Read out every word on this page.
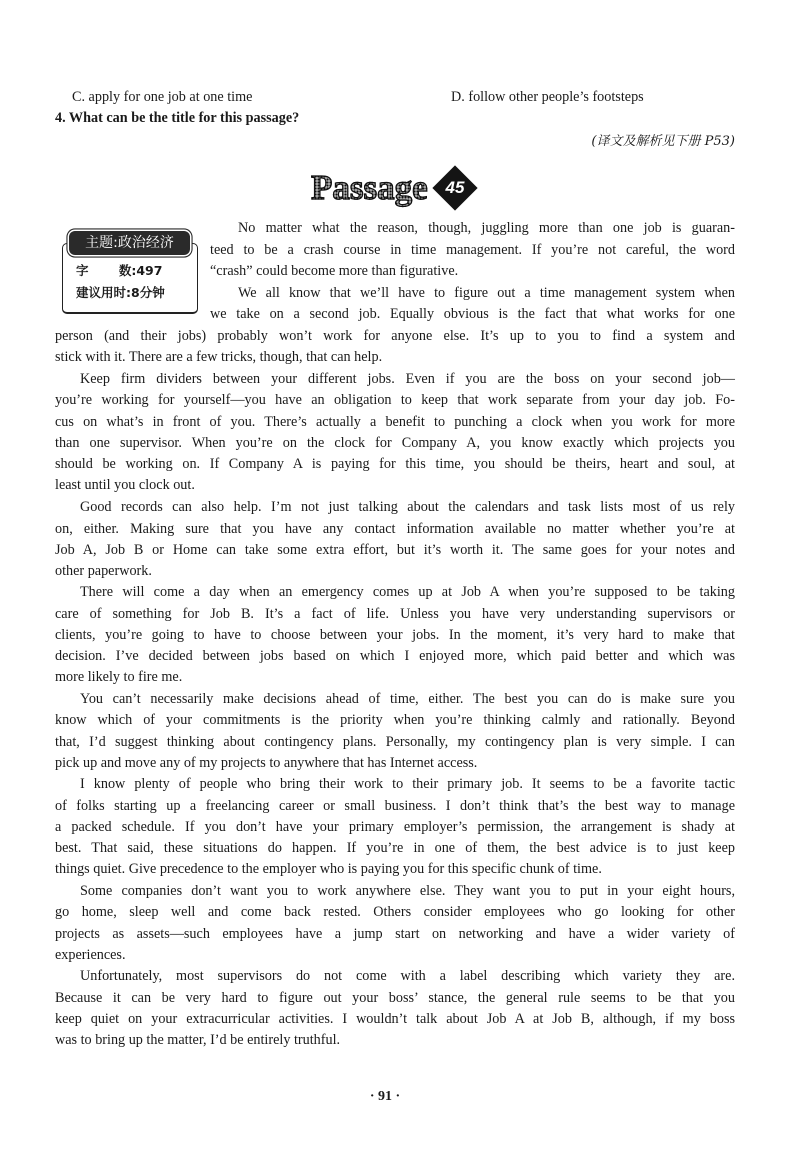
C. apply for one job at one time	D. follow other people’s footsteps
4. What can be the title for this passage?
(译文及解析见下册 P53)
Passage	45
主题:政治经济
字 数:497
建议用时:8分钟
No matter what the reason, though, juggling more than one job is guaran-
teed to be a crash course in time management. If you’re not careful, the word
“crash” could become more than figurative.
We all know that we’ll have to figure out a time management system when
we take on a second job. Equally obvious is the fact that what works for one
person (and their jobs) probably won’t work for anyone else. It’s up to you to find a system and
stick with it. There are a few tricks, though, that can help.
Keep firm dividers between your different jobs. Even if you are the boss on your second job—
you’re working for yourself—you have an obligation to keep that work separate from your day job. Fo-
cus on what’s in front of you. There’s actually a benefit to punching a clock when you work for more
than one supervisor. When you’re on the clock for Company A, you know exactly which projects you
should be working on. If Company A is paying for this time, you should be theirs, heart and soul, at
least until you clock out.
Good records can also help. I’m not just talking about the calendars and task lists most of us rely
on, either. Making sure that you have any contact information available no matter whether you’re at
Job A, Job B or Home can take some extra effort, but it’s worth it. The same goes for your notes and
other paperwork.
There will come a day when an emergency comes up at Job A when you’re supposed to be taking
care of something for Job B. It’s a fact of life. Unless you have very understanding supervisors or
clients, you’re going to have to choose between your jobs. In the moment, it’s very hard to make that
decision. I’ve decided between jobs based on which I enjoyed more, which paid better and which was
more likely to fire me.
You can’t necessarily make decisions ahead of time, either. The best you can do is make sure you
know which of your commitments is the priority when you’re thinking calmly and rationally. Beyond
that, I’d suggest thinking about contingency plans. Personally, my contingency plan is very simple. I can
pick up and move any of my projects to anywhere that has Internet access.
I know plenty of people who bring their work to their primary job. It seems to be a favorite tactic
of folks starting up a freelancing career or small business. I don’t think that’s the best way to manage
a packed schedule. If you don’t have your primary employer’s permission, the arrangement is shady at
best. That said, these situations do happen. If you’re in one of them, the best advice is to just keep
things quiet. Give precedence to the employer who is paying you for this specific chunk of time.
Some companies don’t want you to work anywhere else. They want you to put in your eight hours,
go home, sleep well and come back rested. Others consider employees who go looking for other
projects as assets—such employees have a jump start on networking and have a wider variety of
experiences.
Unfortunately, most supervisors do not come with a label describing which variety they are.
Because it can be very hard to figure out your boss’ stance, the general rule seems to be that you
keep quiet on your extracurricular activities. I wouldn’t talk about Job A at Job B, although, if my boss
was to bring up the matter, I’d be entirely truthful.
· 91 ·
